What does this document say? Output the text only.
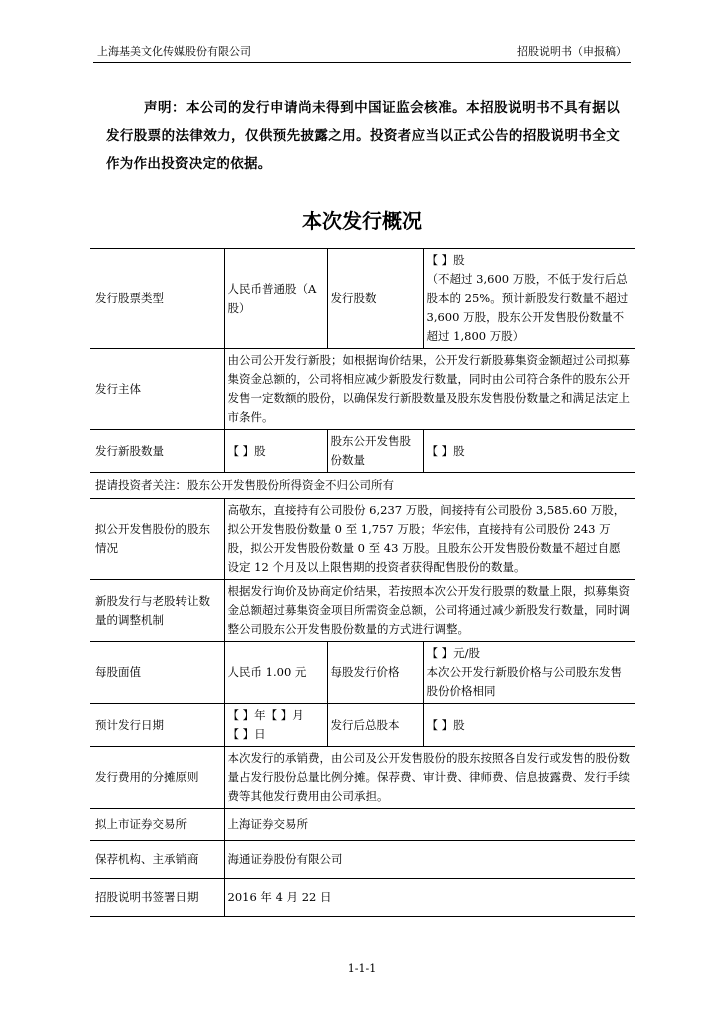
上海基美文化传媒股份有限公司	招股说明书（申报稿）
声明：本公司的发行申请尚未得到中国证监会核准。本招股说明书不具有据以发行股票的法律效力，仅供预先披露之用。投资者应当以正式公告的招股说明书全文作为作出投资决定的依据。
本次发行概况
发行股票类型	人民币普通股（A股）	发行股数	【 】股
（不超过 3,600 万股，不低于发行后总股本的 25%。预计新股发行数量不超过 3,600 万股，股东公开发售股份数量不超过 1,800 万股）

发行主体	由公司公开发行新股；如根据询价结果，公开发行新股募集资金额超过公司拟募集资金总额的，公司将相应减少新股发行数量，同时由公司符合条件的股东公开发售一定数额的股份，以确保发行新股数量及股东发售股份数量之和满足法定上市条件。		
发行新股数量	【 】股	股东公开发售股份数量	【 】股
提请投资者关注：股东公开发售股份所得资金不归公司所有			
拟公开发售股份的股东情况	高敬东，直接持有公司股份 6,237 万股，间接持有公司股份 3,585.60 万股，拟公开发售股份数量 0 至 1,757 万股；华宏伟，直接持有公司股份 243 万股，拟公开发售股份数量 0 至 43 万股。且股东公开发售股份数量不超过自愿设定 12 个月及以上限售期的投资者获得配售股份的数量。		
新股发行与老股转让数量的调整机制	根据发行询价及协商定价结果，若按照本次公开发行股票的数量上限，拟募集资金总额超过募集资金项目所需资金总额，公司将通过减少新股发行数量，同时调整公司股东公开发售股份数量的方式进行调整。		
每股面值	人民币 1.00 元	每股发行价格	【 】元/股
本次公开发行新股价格与公司股东发售股份价格相同

预计发行日期	【 】年【 】月
【 】日	发行后总股本	【 】股
发行费用的分摊原则	本次发行的承销费，由公司及公开发售股份的股东按照各自发行或发售的股份数量占发行股份总量比例分摊。保荐费、审计费、律师费、信息披露费、发行手续费等其他发行费用由公司承担。		
拟上市证券交易所	上海证券交易所		
保荐机构、主承销商	海通证券股份有限公司		
招股说明书签署日期	2016 年 4 月 22 日		
1-1-1
